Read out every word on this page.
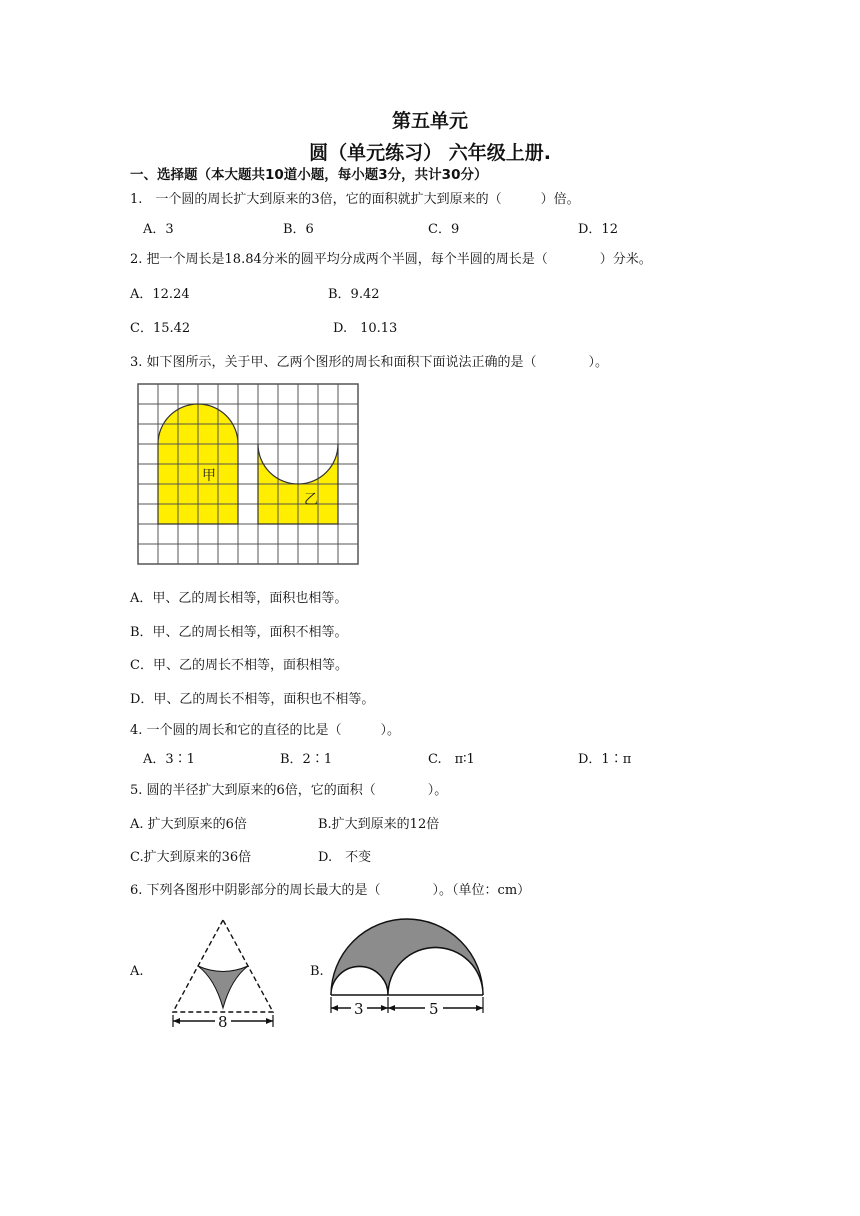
第五单元
圆（单元练习） 六年级上册.
一、选择题（本大题共10道小题，每小题3分，共计30分）
1.　一个圆的周长扩大到原来的3倍，它的面积就扩大到原来的（　　　）倍。
A．3	B．6	C．9	D．12
2. 把一个周长是18.84分米的圆平均分成两个半圆，每个半圆的周长是（　　　　）分米。
A．12.24	B．9.42
C．15.42	D.　10.13
3. 如下图所示，关于甲、乙两个图形的周长和面积下面说法正确的是（　　　　）。
甲
乙
A．甲、乙的周长相等，面积也相等。
B．甲、乙的周长相等，面积不相等。
C．甲、乙的周长不相等，面积相等。
D．甲、乙的周长不相等，面积也不相等。
4. 一个圆的周长和它的直径的比是（　　　）。
A．3∶1	B．2∶1	C.　π∶1	D．1∶π
5. 圆的半径扩大到原来的6倍，它的面积（　　　　）。
A. 扩大到原来的6倍	B.扩大到原来的12倍
C.扩大到原来的36倍	D.　不变
6. 下列各图形中阴影部分的周长最大的是（　　　　）。（单位：cm）
A.
8
B.
3	5
